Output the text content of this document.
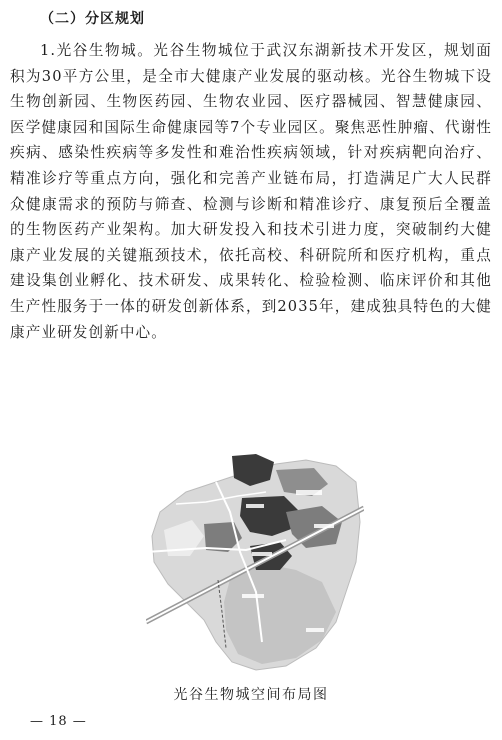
（二）分区规划

1.光谷生物城。光谷生物城位于武汉东湖新技术开发区，规划面积为30平方公里，是全市大健康产业发展的驱动核。光谷生物城下设生物创新园、生物医药园、生物农业园、医疗器械园、智慧健康园、医学健康园和国际生命健康园等7个专业园区。聚焦恶性肿瘤、代谢性疾病、感染性疾病等多发性和难治性疾病领域，针对疾病靶向治疗、精准诊疗等重点方向，强化和完善产业链布局，打造满足广大人民群众健康需求的预防与筛查、检测与诊断和精准诊疗、康复预后全覆盖的生物医药产业架构。加大研发投入和技术引进力度，突破制约大健康产业发展的关键瓶颈技术，依托高校、科研院所和医疗机构，重点建设集创业孵化、技术研发、成果转化、检验检测、临床评价和其他生产性服务于一体的研发创新体系，到2035年，建成独具特色的大健康产业研发创新中心。

光谷生物城空间布局图
— 18 —
